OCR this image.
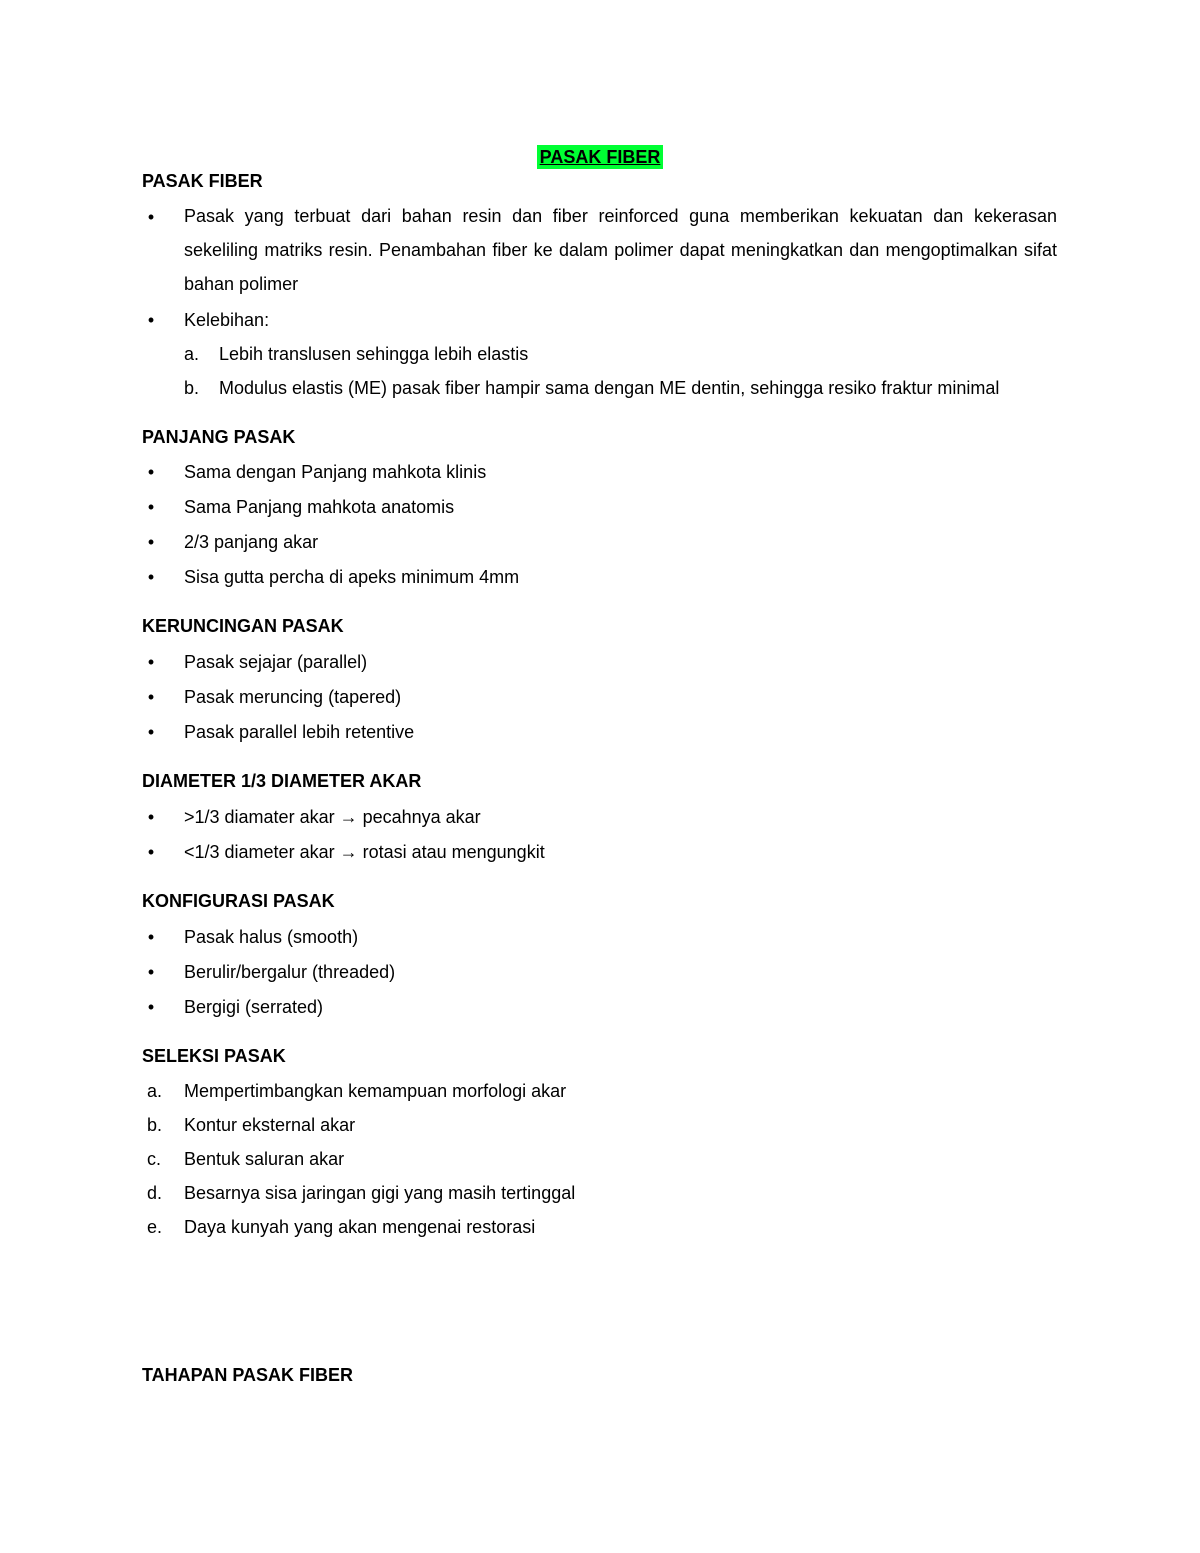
PASAK FIBER
PASAK FIBER
• Pasak yang terbuat dari bahan resin dan fiber reinforced guna memberikan kekuatan dan kekerasan sekeliling matriks resin. Penambahan fiber ke dalam polimer dapat meningkatkan dan mengoptimalkan sifat bahan polimer
• Kelebihan:
a. Lebih translusen sehingga lebih elastis
b. Modulus elastis (ME) pasak fiber hampir sama dengan ME dentin, sehingga resiko fraktur minimal
PANJANG PASAK
• Sama dengan Panjang mahkota klinis
• Sama Panjang mahkota anatomis
• 2/3 panjang akar
• Sisa gutta percha di apeks minimum 4mm
KERUNCINGAN PASAK
• Pasak sejajar (parallel)
• Pasak meruncing (tapered)
• Pasak parallel lebih retentive
DIAMETER 1/3 DIAMETER AKAR
• >1/3 diamater akar → pecahnya akar
• <1/3 diameter akar → rotasi atau mengungkit
KONFIGURASI PASAK
• Pasak halus (smooth)
• Berulir/bergalur (threaded)
• Bergigi (serrated)
SELEKSI PASAK
a. Mempertimbangkan kemampuan morfologi akar
b. Kontur eksternal akar
c. Bentuk saluran akar
d. Besarnya sisa jaringan gigi yang masih tertinggal
e. Daya kunyah yang akan mengenai restorasi
TAHAPAN PASAK FIBER
